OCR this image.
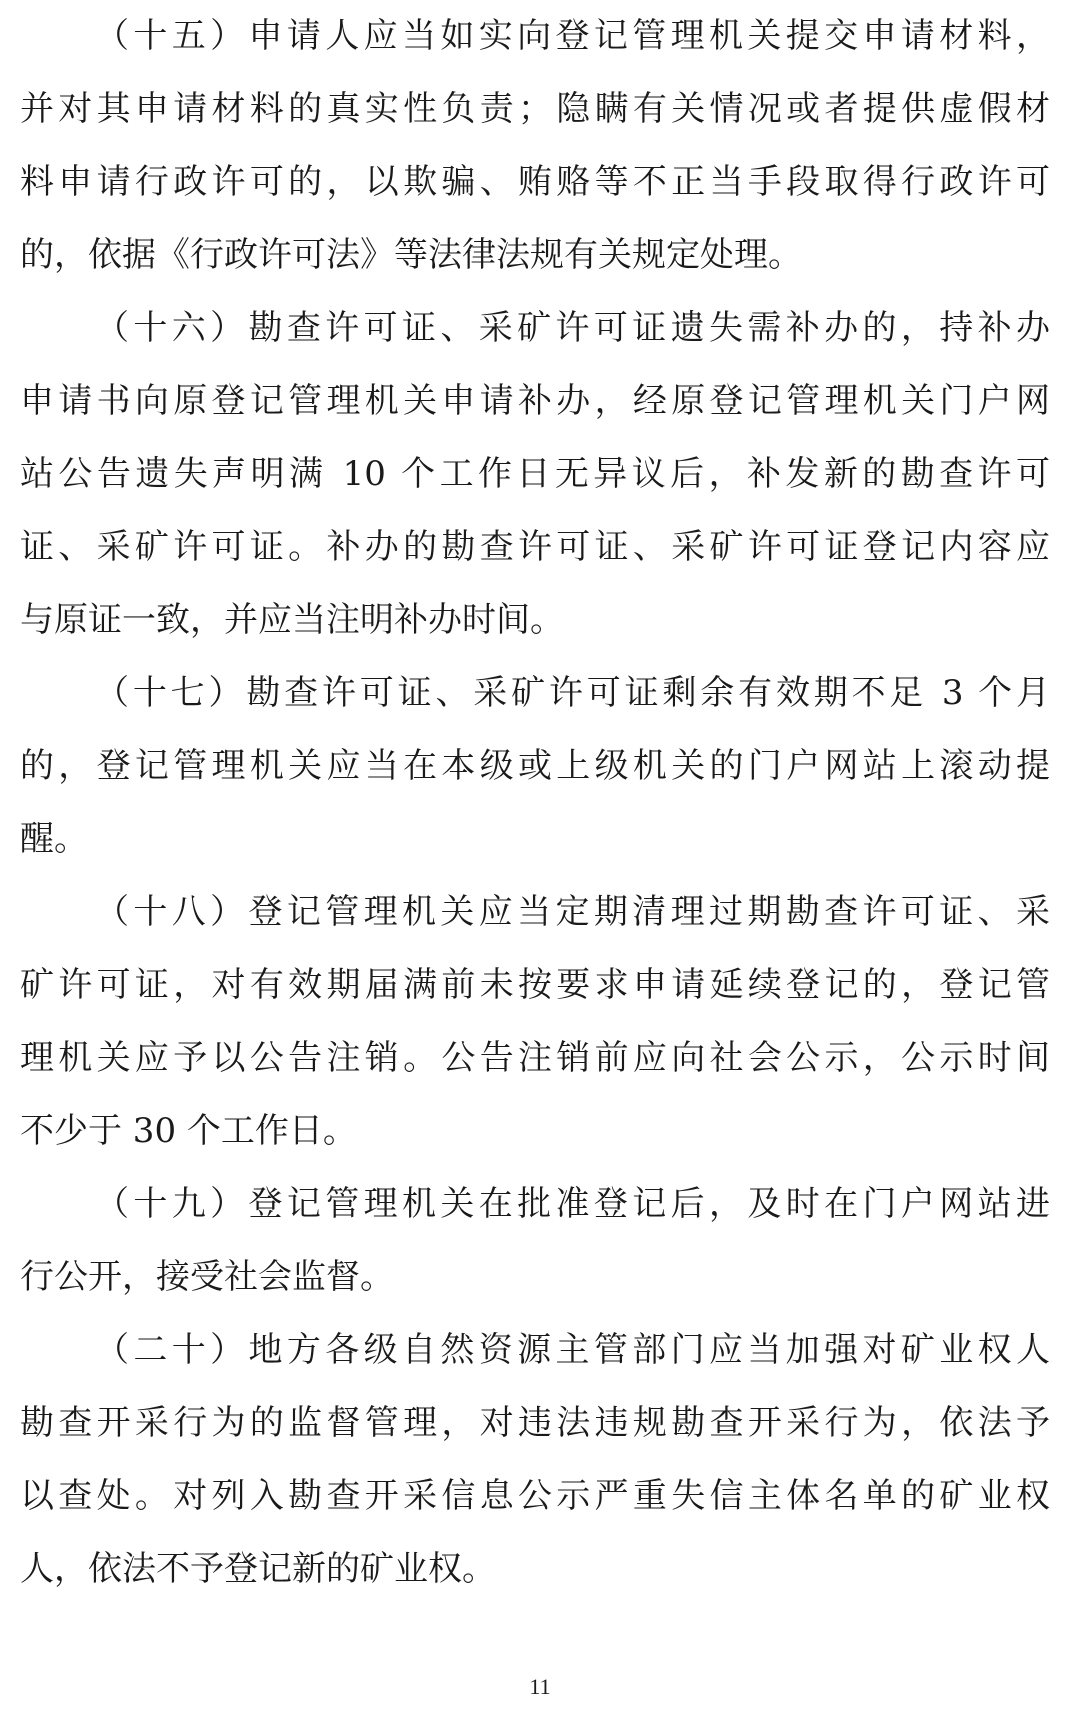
（十五）申请人应当如实向登记管理机关提交申请材料，
并对其申请材料的真实性负责；隐瞒有关情况或者提供虚假材
料申请行政许可的，以欺骗、贿赂等不正当手段取得行政许可
的，依据《行政许可法》等法律法规有关规定处理。
（十六）勘查许可证、采矿许可证遗失需补办的，持补办
申请书向原登记管理机关申请补办，经原登记管理机关门户网
站公告遗失声明满 10 个工作日无异议后，补发新的勘查许可
证、采矿许可证。补办的勘查许可证、采矿许可证登记内容应
与原证一致，并应当注明补办时间。
（十七）勘查许可证、采矿许可证剩余有效期不足 3 个月
的，登记管理机关应当在本级或上级机关的门户网站上滚动提
醒。
（十八）登记管理机关应当定期清理过期勘查许可证、采
矿许可证，对有效期届满前未按要求申请延续登记的，登记管
理机关应予以公告注销。公告注销前应向社会公示，公示时间
不少于 30 个工作日。
（十九）登记管理机关在批准登记后，及时在门户网站进
行公开，接受社会监督。
（二十）地方各级自然资源主管部门应当加强对矿业权人
勘查开采行为的监督管理，对违法违规勘查开采行为，依法予
以查处。对列入勘查开采信息公示严重失信主体名单的矿业权
人，依法不予登记新的矿业权。
11
